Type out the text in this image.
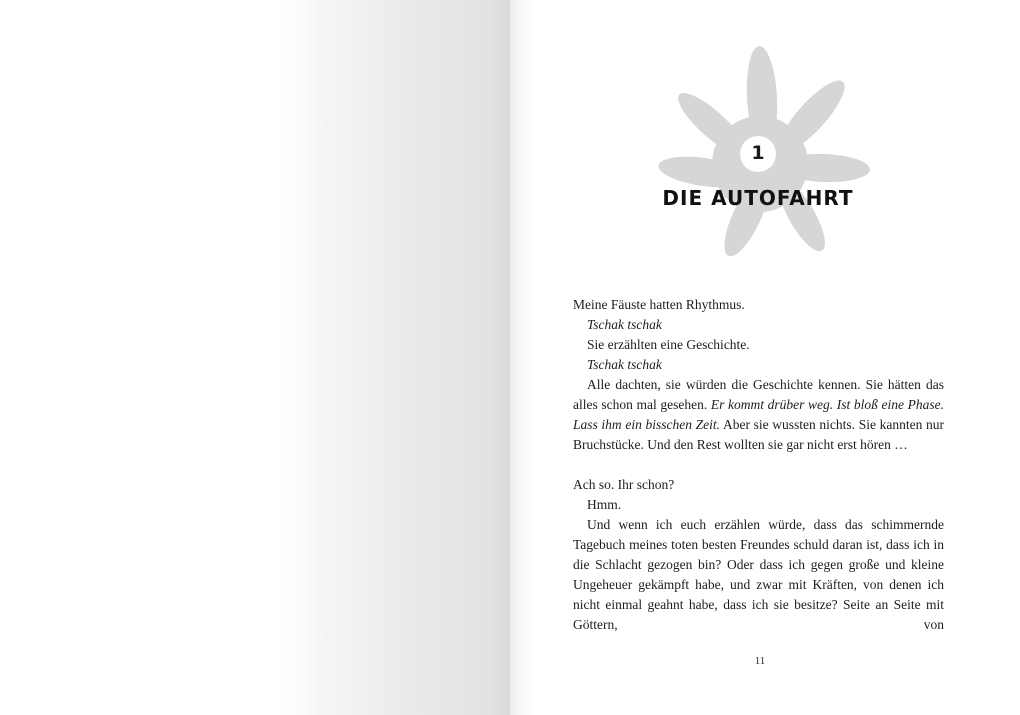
1
DIE AUTOFAHRT

Meine Fäuste hatten Rhythmus.

Tschak tschak

Sie erzählten eine Geschichte.

Tschak tschak

Alle dachten, sie würden die Geschichte kennen. Sie hätten das alles schon mal gesehen. Er kommt drüber weg. Ist bloß eine Phase. Lass ihm ein bisschen Zeit. Aber sie wussten nichts. Sie kannten nur Bruchstücke. Und den Rest wollten sie gar nicht erst hören …

Ach so. Ihr schon?

Hmm.

Und wenn ich euch erzählen würde, dass das schimmernde Tagebuch meines toten besten Freundes schuld daran ist, dass ich in die Schlacht gezogen bin? Oder dass ich gegen große und kleine Ungeheuer gekämpft habe, und zwar mit Kräften, von denen ich nicht einmal geahnt habe, dass ich sie besitze? Seite an Seite mit Göttern, von

11
